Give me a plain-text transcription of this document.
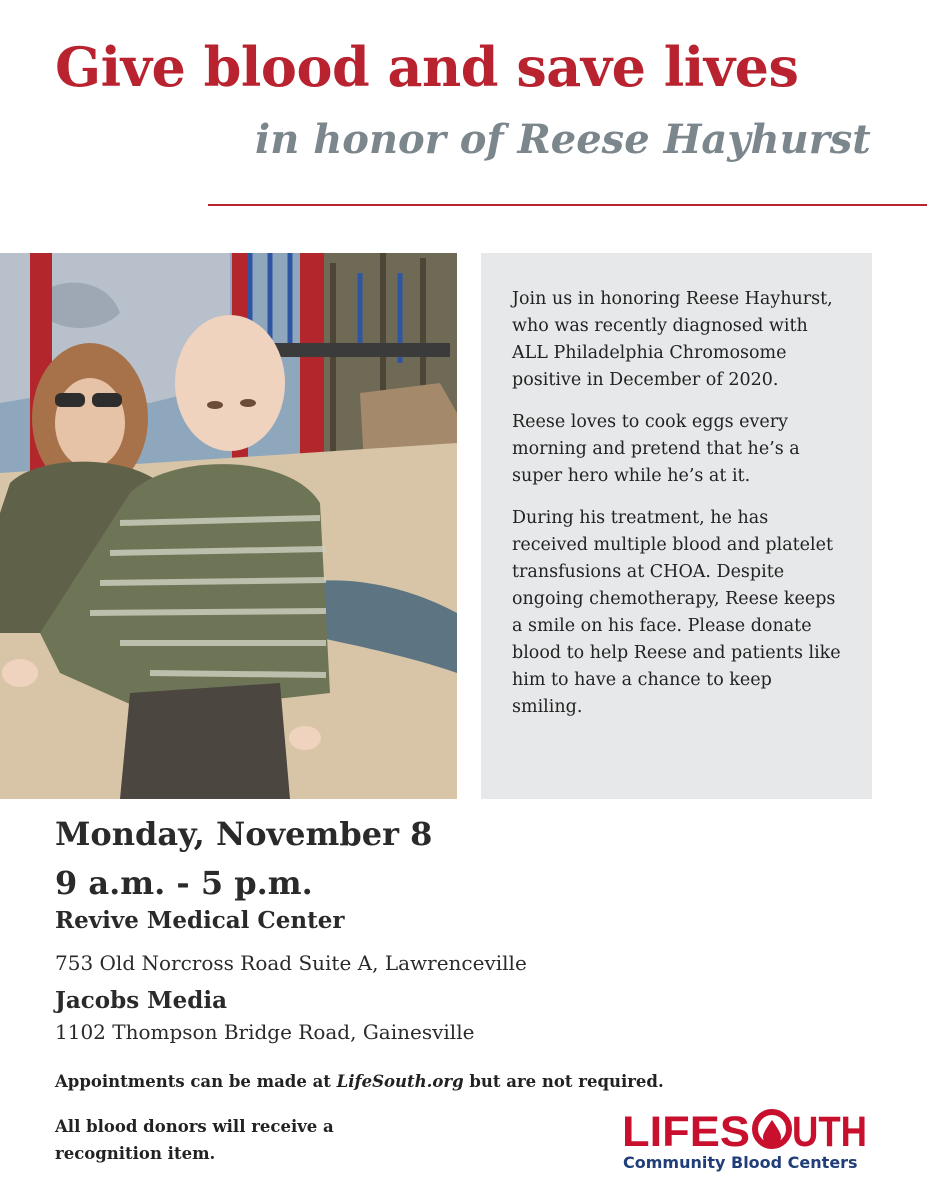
Give blood and save lives
in honor of Reese Hayhurst

Join us in honoring Reese Hayhurst, who was recently diagnosed with ALL Philadelphia Chromosome positive in December of 2020.

Reese loves to cook eggs every morning and pretend that he’s a super hero while he’s at it.

During his treatment, he has received multiple blood and platelet transfusions at CHOA. Despite ongoing chemotherapy, Reese keeps a smile on his face. Please donate blood to help Reese and patients like him to have a chance to keep smiling.

Monday, November 8
9 a.m. - 5 p.m.
Revive Medical Center
753 Old Norcross Road Suite A, Lawrenceville
Jacobs Media
1102 Thompson Bridge Road, Gainesville
Appointments can be made at LifeSouth.org but are not required.
All blood donors will receive a recognition item.	LIFES UTH
Community Blood Centers
